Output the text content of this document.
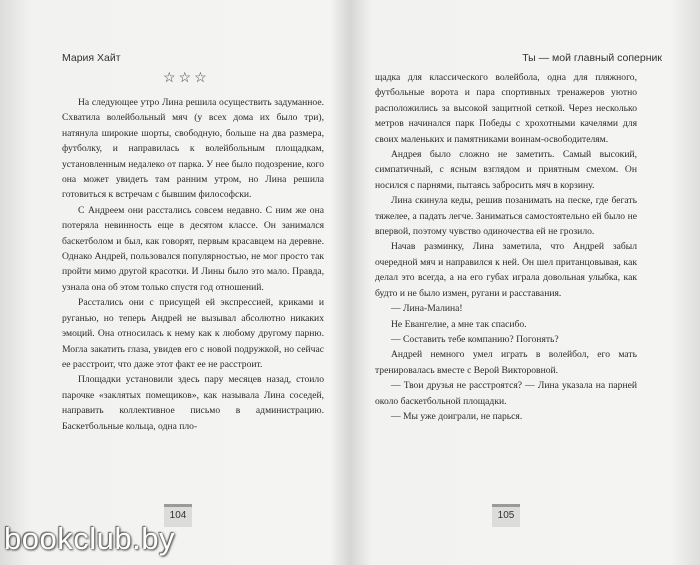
Мария Хайт
☆☆☆

На следующее утро Лина решила осуществить задуманное. Схватила волейбольный мяч (у всех дома их было три), натянула широкие шорты, свободную, больше на два размера, футболку, и направилась к волейбольным площадкам, установленным недалеко от парка. У нее было подозрение, кого она может увидеть там ранним утром, но Лина решила готовиться к встречам с бывшим философски.

С Андреем они расстались совсем недавно. С ним же она потеряла невинность еще в десятом классе. Он занимался баскетболом и был, как говорят, первым красавцем на деревне. Однако Андрей, пользовался популярностью, не мог просто так пройти мимо другой красотки. И Лины было это мало. Правда, узнала она об этом только спустя год отношений.

Расстались они с присущей ей экспрессией, криками и руганью, но теперь Андрей не вызывал абсолютно никаких эмоций. Она относилась к нему как к любому другому парню. Могла закатить глаза, увидев его с новой подружкой, но сейчас ее расстроит, что даже этот факт ее не расстроит.

Площадки установили здесь пару месяцев назад, стоило парочке «заклятых помещиков», как называла Лина соседей, направить коллективное письмо в администрацию. Баскетбольные кольца, одна пло-

104
Ты — мой главный соперник

щадка для классического волейбола, одна для пляжного, футбольные ворота и пара спортивных тренажеров уютно расположились за высокой защитной сеткой. Через несколько метров начинался парк Победы с хрохотными качелями для своих маленьких и памятниками воинам-освободителям.

Андрея было сложно не заметить. Самый высокий, симпатичный, с ясным взглядом и приятным смехом. Он носился с парнями, пытаясь забросить мяч в корзину.

Лина скинула кеды, решив позанимать на песке, где бегать тяжелее, а падать легче. Заниматься самостоятельно ей было не впервой, поэтому чувство одиночества ей не грозило.

Начав разминку, Лина заметила, что Андрей забыл очередной мяч и направился к ней. Он шел пританцовывая, как делал это всегда, а на его губах играла довольная улыбка, как будто и не было измен, ругани и расставания.

— Лина-Малина!

Не Евангелие, а мне так спасибо.

— Составить тебе компанию? Погонять?

Андрей немного умел играть в волейбол, его мать тренировалась вместе с Верой Викторовной.

— Твои друзья не расстроятся? — Лина указала на парней около баскетбольной площадки.

— Мы уже доиграли, не парься.

105
bookclub.by
